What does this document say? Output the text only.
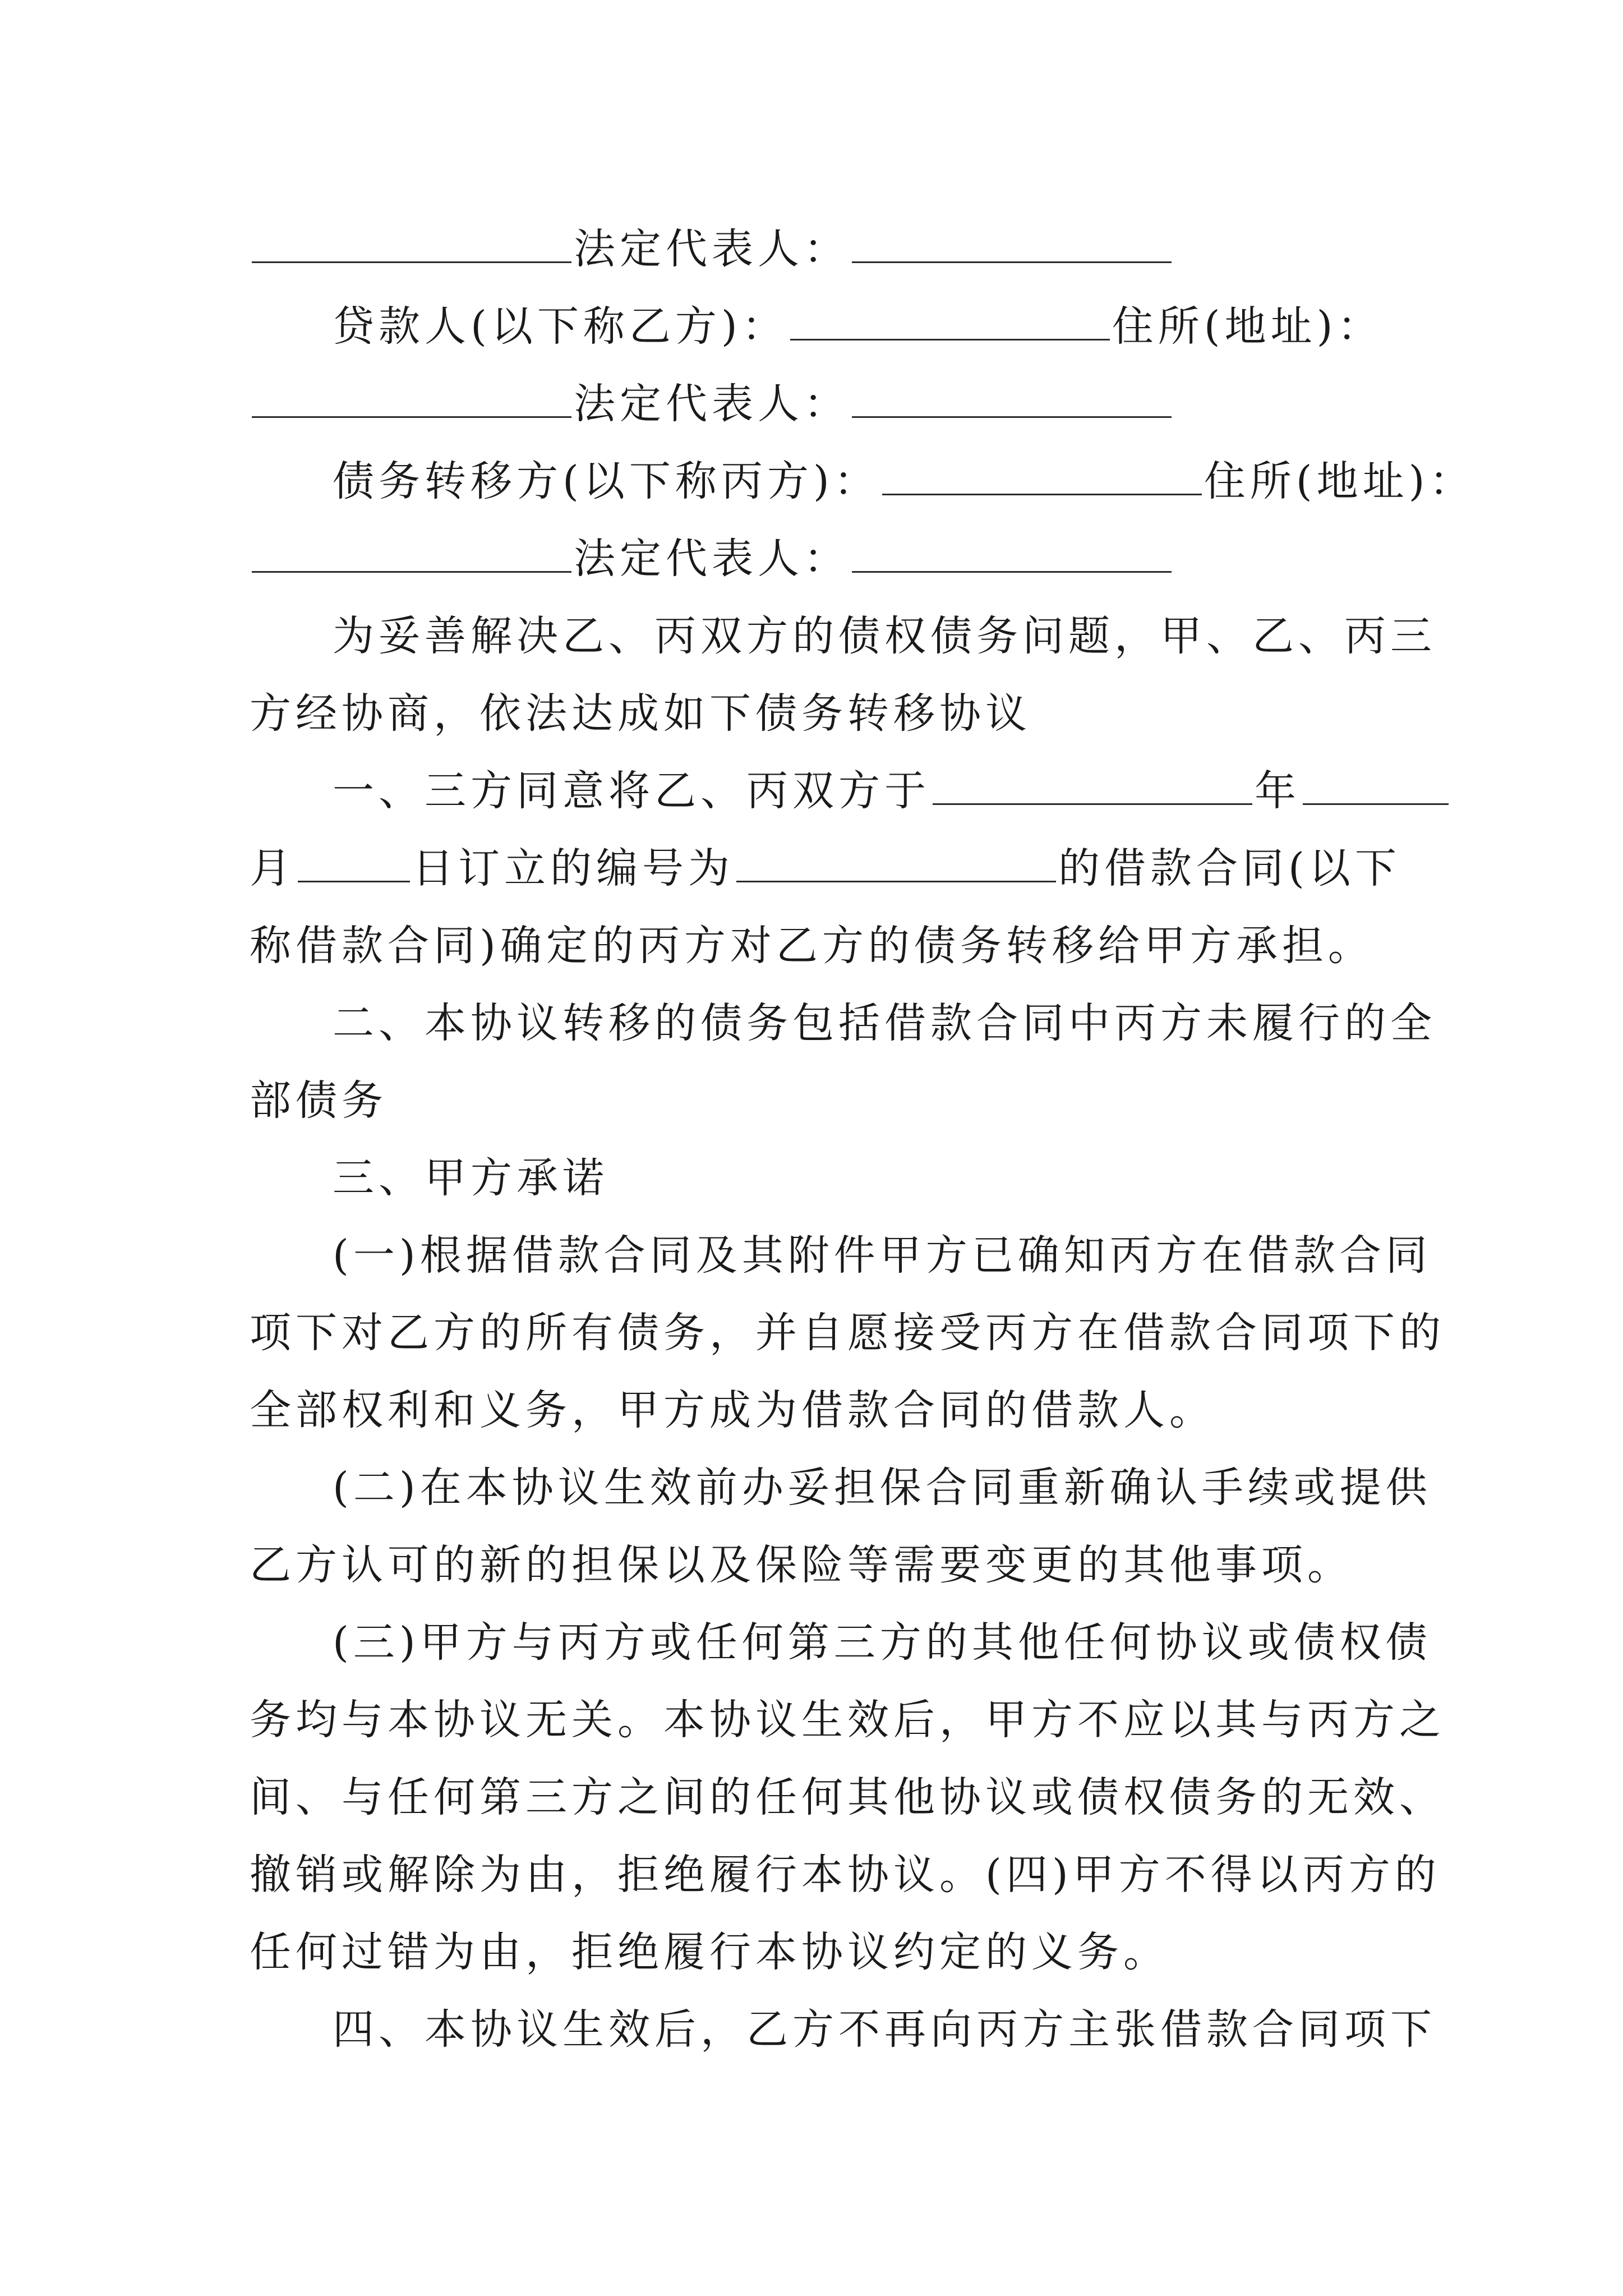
法定代表人：
贷款人(以下称乙方)：	住所(地址)：
法定代表人：
债务转移方(以下称丙方)：	住所(地址)：
法定代表人：
为妥善解决乙、丙双方的债权债务问题，甲、乙、丙三
方经协商，依法达成如下债务转移协议
一、三方同意将乙、丙双方于	年
月	日订立的编号为	的借款合同(以下
称借款合同)确定的丙方对乙方的债务转移给甲方承担。
二、本协议转移的债务包括借款合同中丙方未履行的全
部债务
三、甲方承诺
(一)根据借款合同及其附件甲方已确知丙方在借款合同
项下对乙方的所有债务，并自愿接受丙方在借款合同项下的
全部权利和义务，甲方成为借款合同的借款人。
(二)在本协议生效前办妥担保合同重新确认手续或提供
乙方认可的新的担保以及保险等需要变更的其他事项。
(三)甲方与丙方或任何第三方的其他任何协议或债权债
务均与本协议无关。本协议生效后，甲方不应以其与丙方之
间、与任何第三方之间的任何其他协议或债权债务的无效、
撤销或解除为由，拒绝履行本协议。(四)甲方不得以丙方的
任何过错为由，拒绝履行本协议约定的义务。
四、本协议生效后，乙方不再向丙方主张借款合同项下
